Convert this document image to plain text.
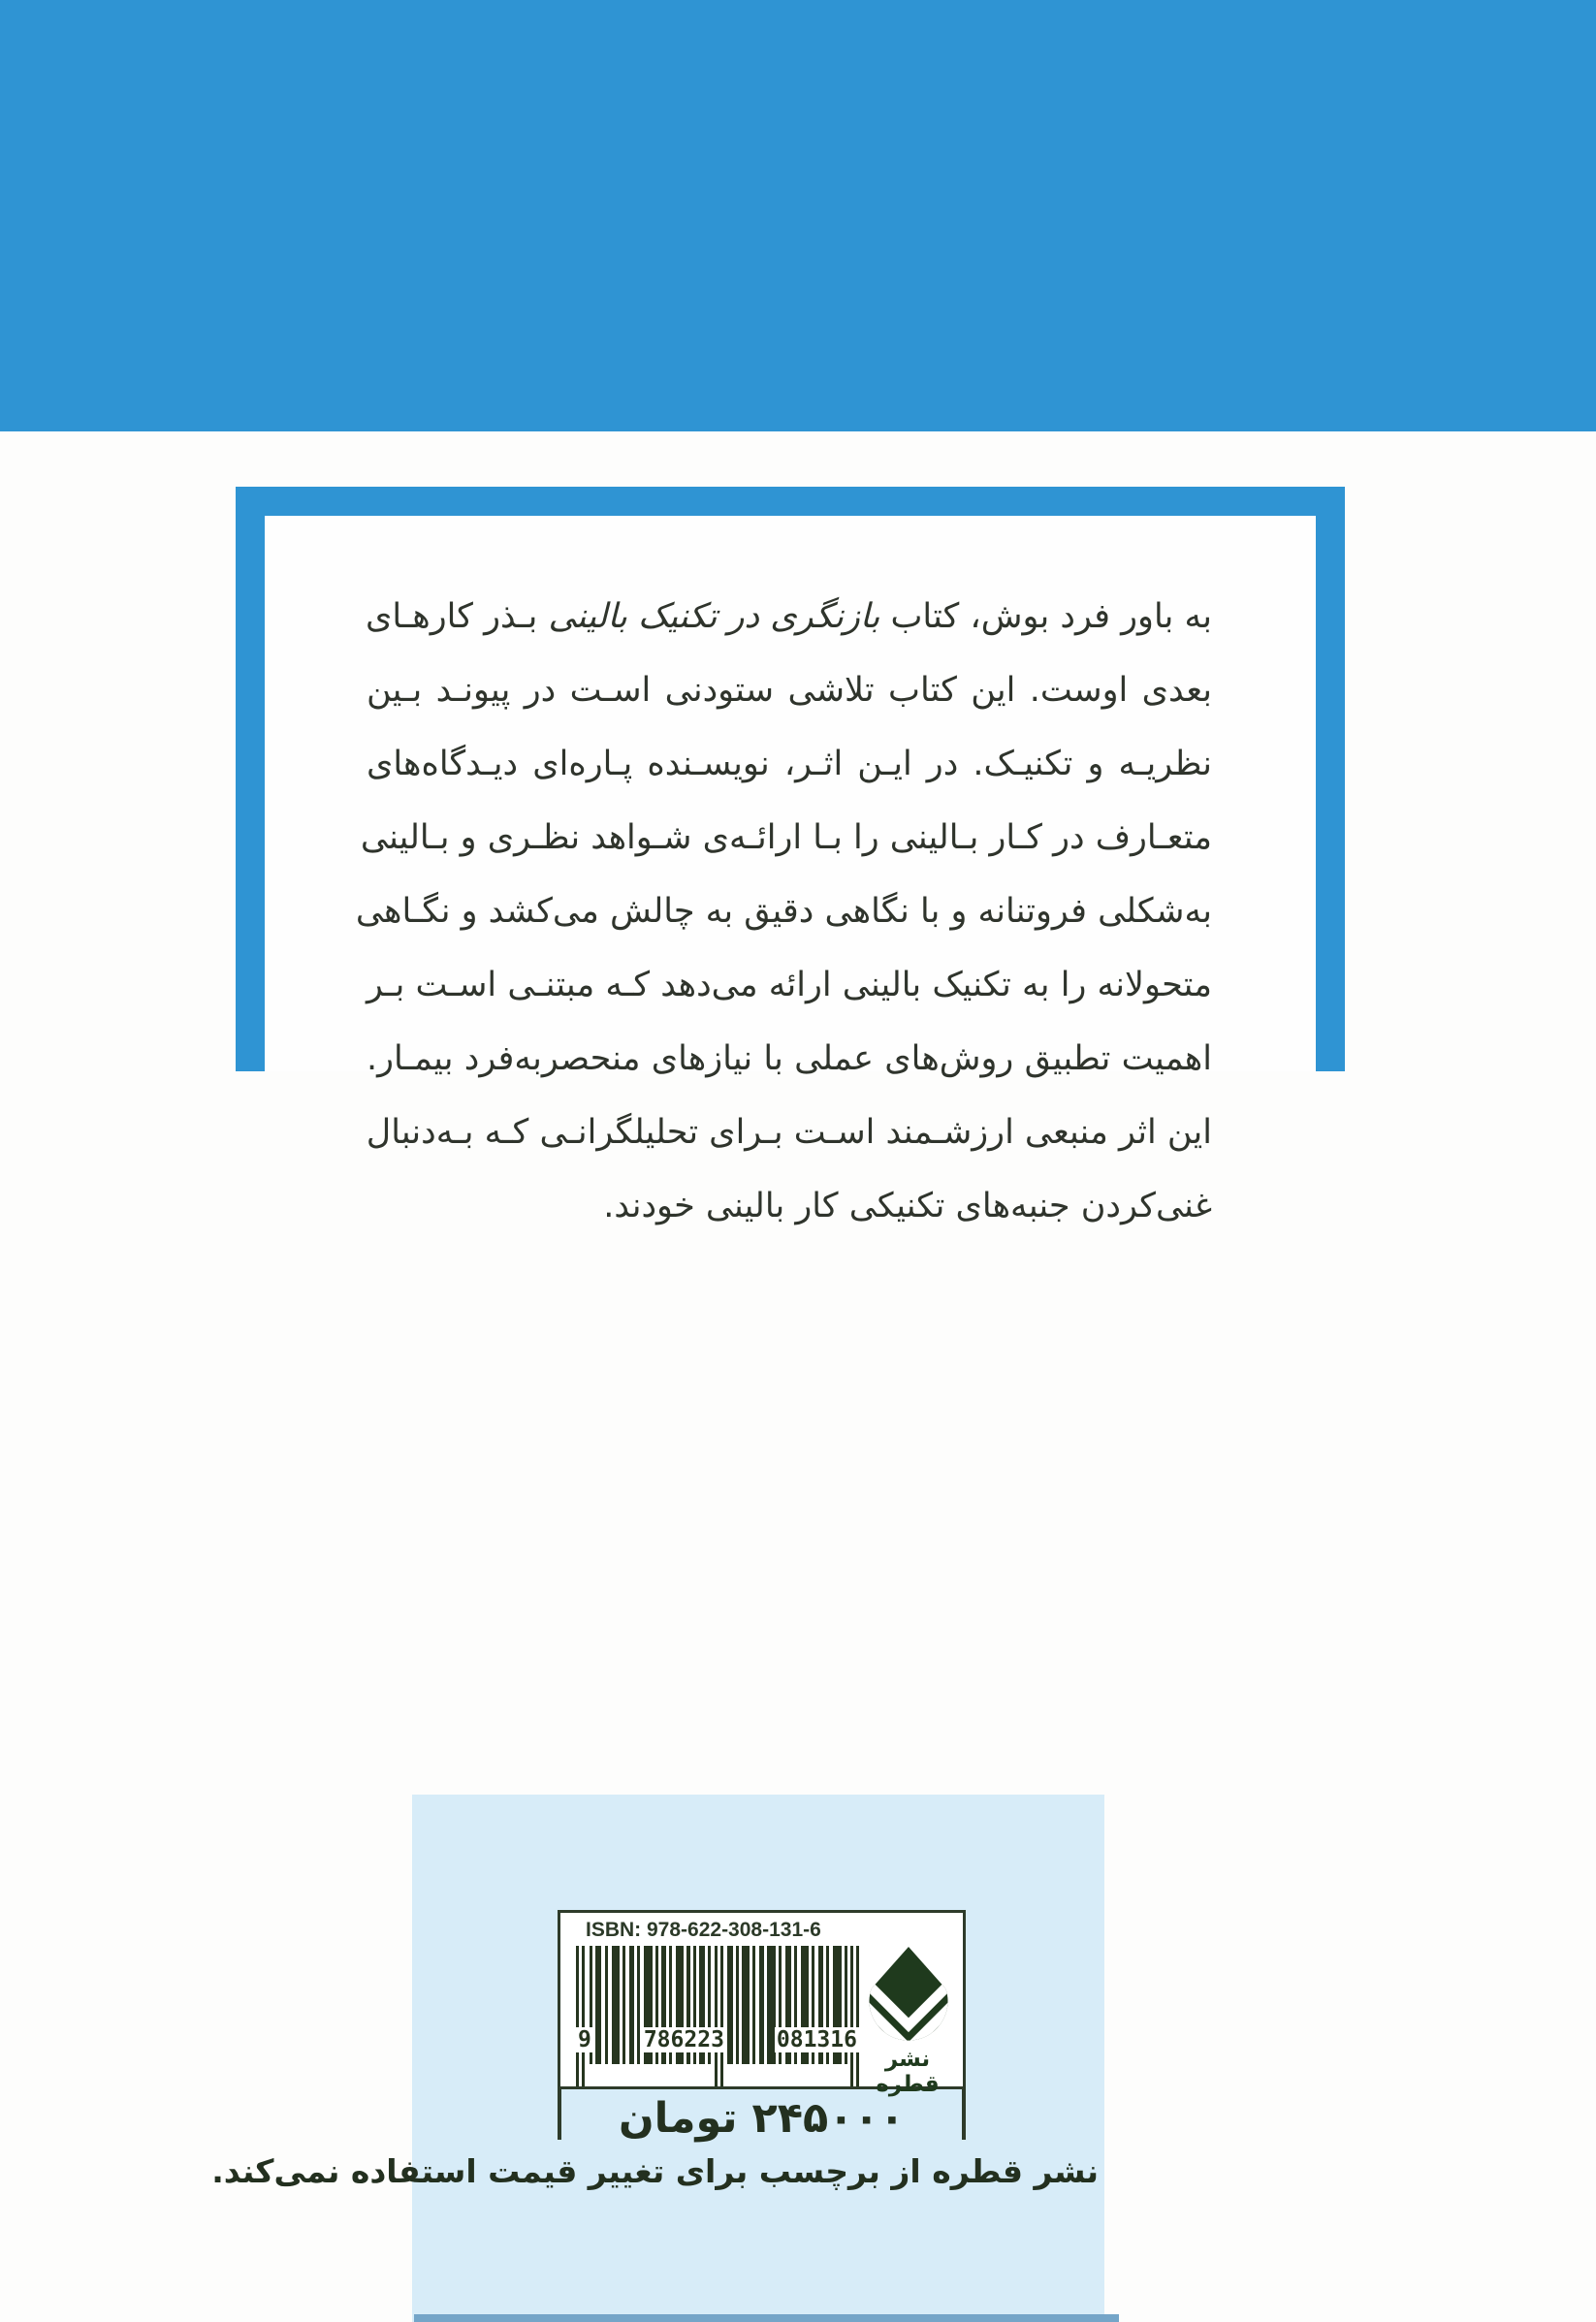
به باور فرد بوش، کتاب بازنگری در تکنیک بالینی بـذر کارهـای
بعدی اوست. این کتاب تلاشی ستودنی اسـت در پیونـد بـین
نظریـه و تکنیـک. در ایـن اثـر، نویسـنده پـاره‌ای دیـدگاه‌های
متعـارف در کـار بـالینی را بـا ارائـه‌ی شـواهد نظـری و بـالینی
به‌شکلی فروتنانه و با نگاهی دقیق به چالش می‌کشد و نگـاهی
متحولانه را به تکنیک بالینی ارائه می‌دهد کـه مبتنـی اسـت بـر
اهمیت تطبیق روش‌های عملی با نیازهای منحصربه‌فرد بیمـار.
این اثر منبعی ارزشـمند اسـت بـرای تحلیلگرانـی کـه بـه‌دنبال
غنی‌کردن جنبه‌های تکنیکی کار بالینی خودند.
ISBN: 978-622-308-131-6
9 786223 081316
نشر قطره
۲۴۵۰۰۰ تومان
نشر قطره از برچسب برای تغییر قیمت استفاده نمی‌کند.
